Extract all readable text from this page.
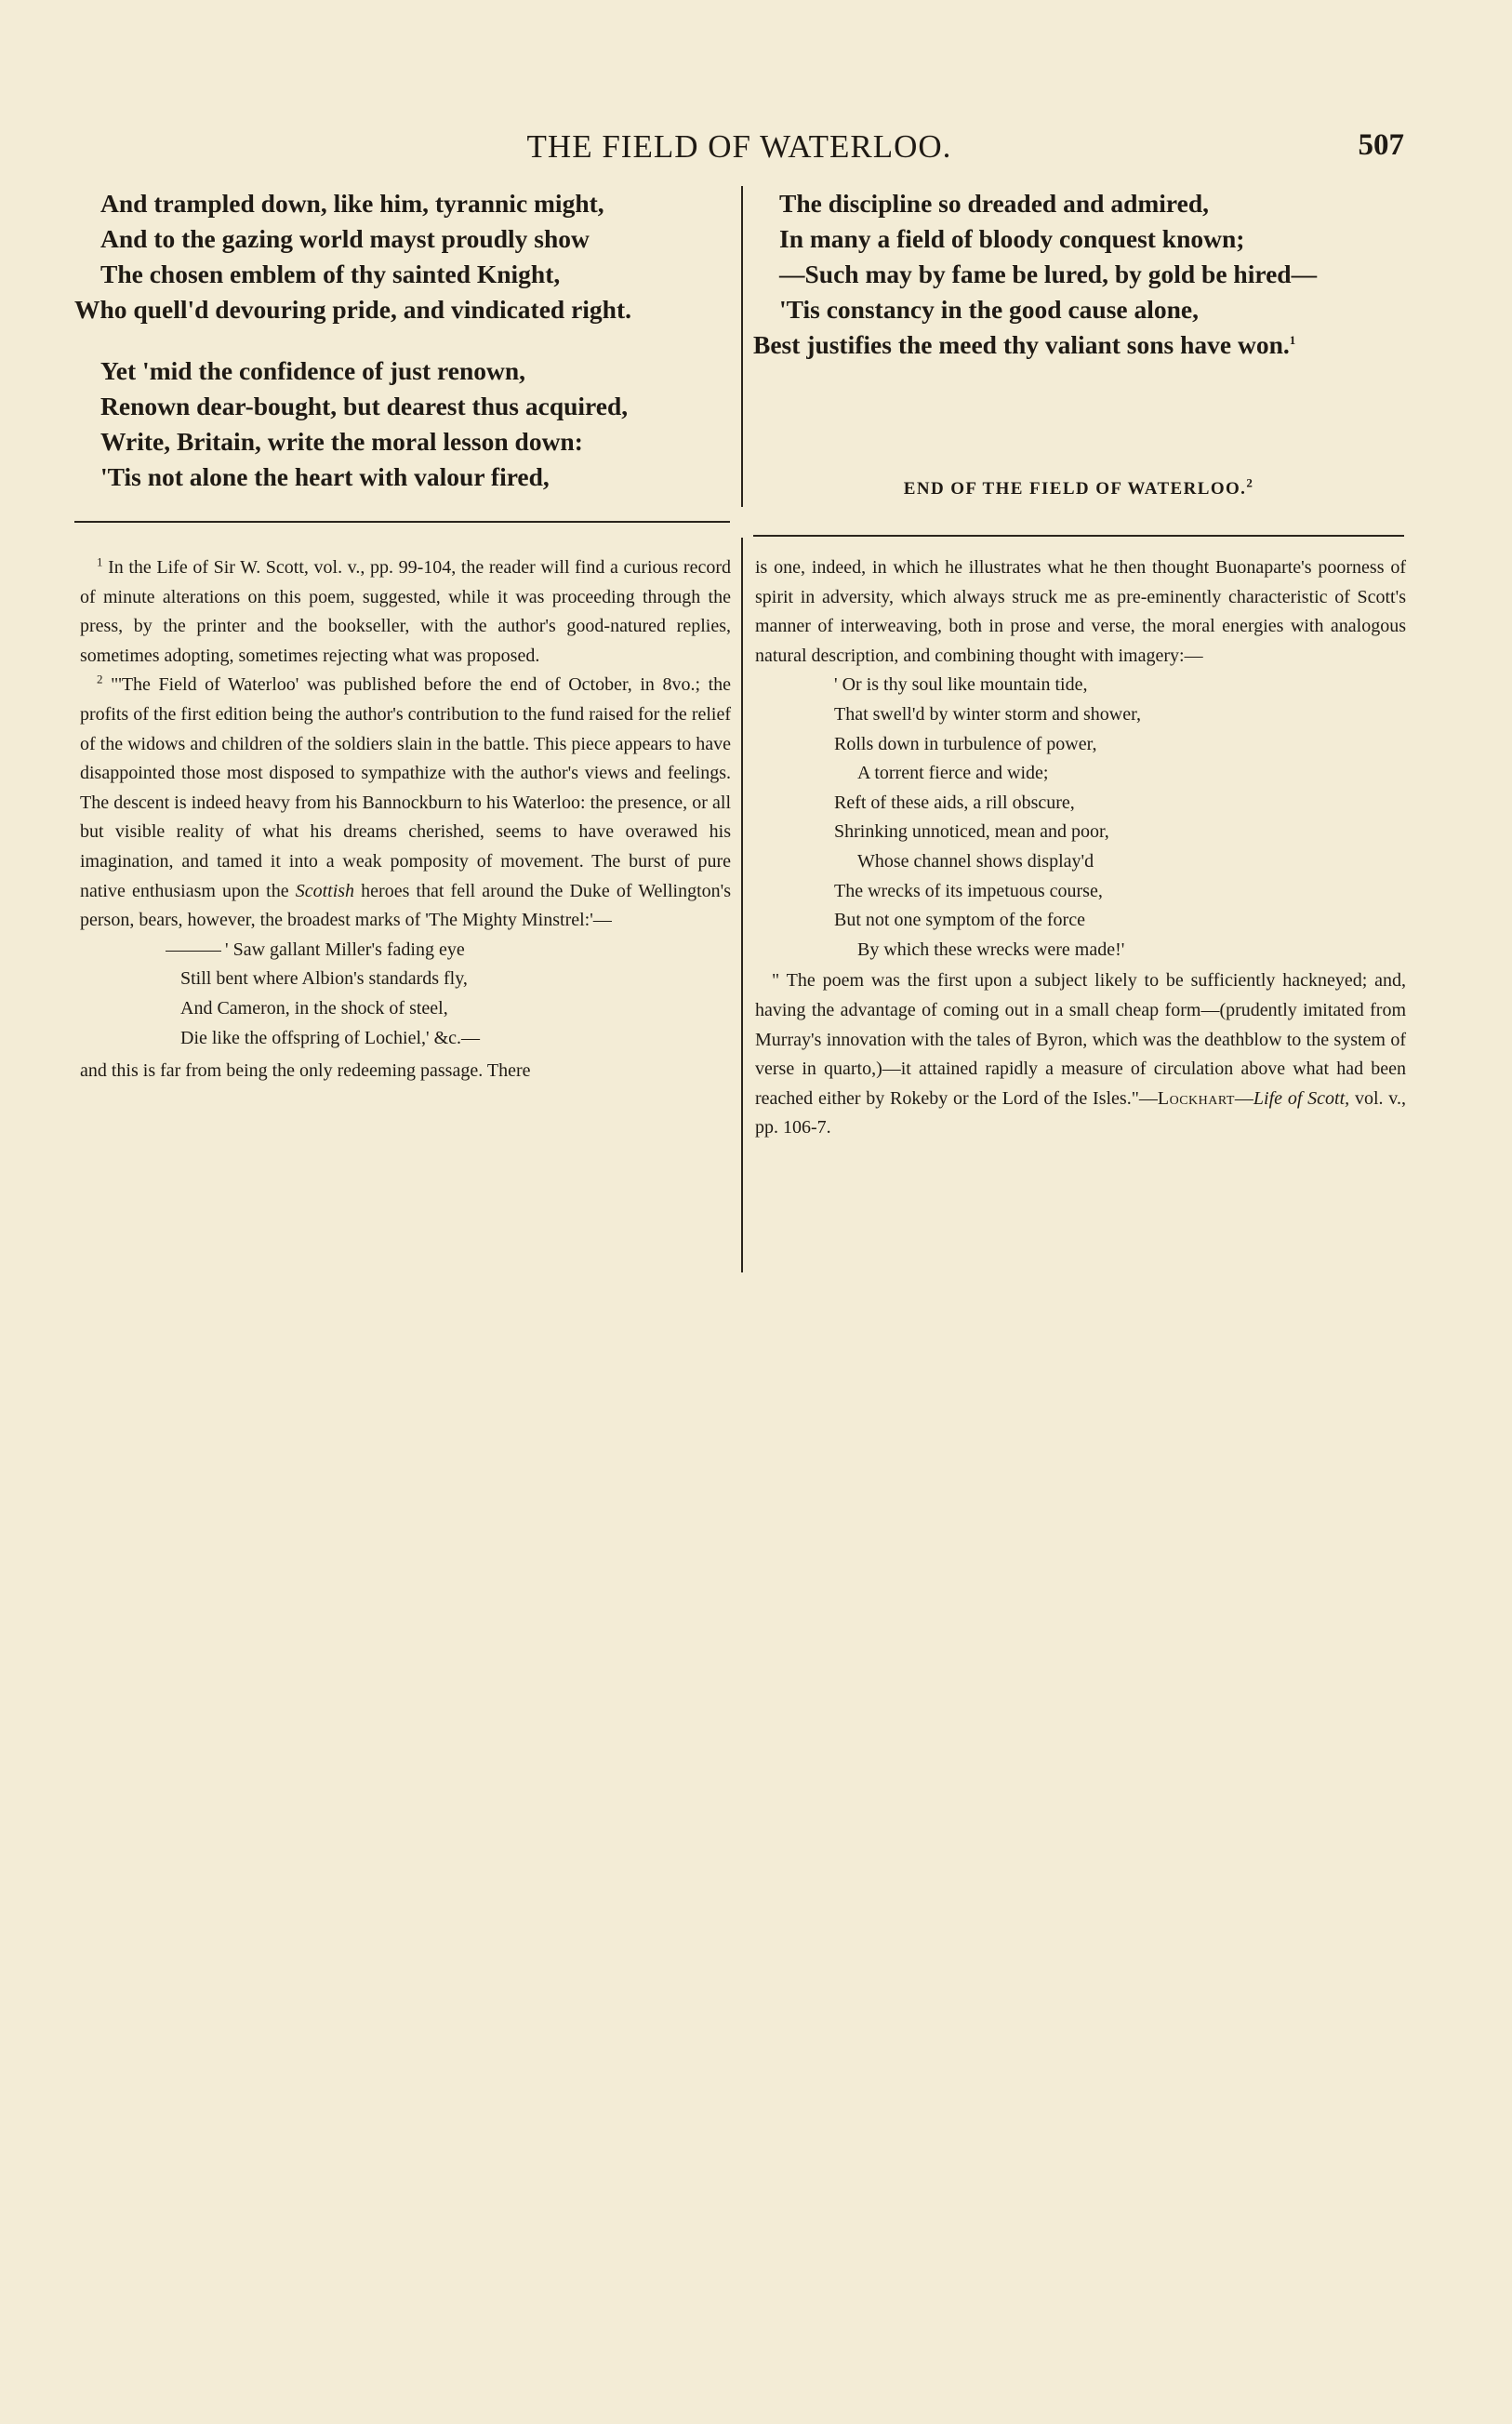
THE FIELD OF WATERLOO.	507
And trampled down, like him, tyrannic might,
And to the gazing world mayst proudly show
The chosen emblem of thy sainted Knight,
Who quell'd devouring pride, and vindicated right.
Yet 'mid the confidence of just renown,
Renown dear-bought, but dearest thus acquired,
Write, Britain, write the moral lesson down:
'Tis not alone the heart with valour fired,
The discipline so dreaded and admired,
In many a field of bloody conquest known;
—Such may by fame be lured, by gold be hired—
'Tis constancy in the good cause alone,
Best justifies the meed thy valiant sons have won.$^1$
END OF THE FIELD OF WATERLOO.$^2$

$^1$ In the Life of Sir W. Scott, vol. v., pp. 99-104, the reader will find a curious record of minute alterations on this poem, suggested, while it was proceeding through the press, by the printer and the bookseller, with the author's good-natured replies, sometimes adopting, sometimes rejecting what was proposed.

$^2$ "'The Field of Waterloo' was published before the end of October, in 8vo.; the profits of the first edition being the author's contribution to the fund raised for the relief of the widows and children of the soldiers slain in the battle. This piece appears to have disappointed those most disposed to sympathize with the author's views and feelings. The descent is indeed heavy from his Bannockburn to his Waterloo: the presence, or all but visible reality of what his dreams cherished, seems to have overawed his imagination, and tamed it into a weak pomposity of movement. The burst of pure native enthusiasm upon the Scottish heroes that fell around the Duke of Wellington's person, bears, however, the broadest marks of 'The Mighty Minstrel:'—

' Saw gallant Miller's fading eye
Still bent where Albion's standards fly,
And Cameron, in the shock of steel,
Die like the offspring of Lochiel,' &c.—

and this is far from being the only redeeming passage. There

is one, indeed, in which he illustrates what he then thought Buonaparte's poorness of spirit in adversity, which always struck me as pre-eminently characteristic of Scott's manner of interweaving, both in prose and verse, the moral energies with analogous natural description, and combining thought with imagery:—

' Or is thy soul like mountain tide,
That swell'd by winter storm and shower,
Rolls down in turbulence of power,
A torrent fierce and wide;
Reft of these aids, a rill obscure,
Shrinking unnoticed, mean and poor,
Whose channel shows display'd
The wrecks of its impetuous course,
But not one symptom of the force
By which these wrecks were made!'

" The poem was the first upon a subject likely to be sufficiently hackneyed; and, having the advantage of coming out in a small cheap form—(prudently imitated from Murray's innovation with the tales of Byron, which was the deathblow to the system of verse in quarto,)—it attained rapidly a measure of circulation above what had been reached either by Rokeby or the Lord of the Isles."—Lockhart—Life of Scott, vol. v., pp. 106-7.
